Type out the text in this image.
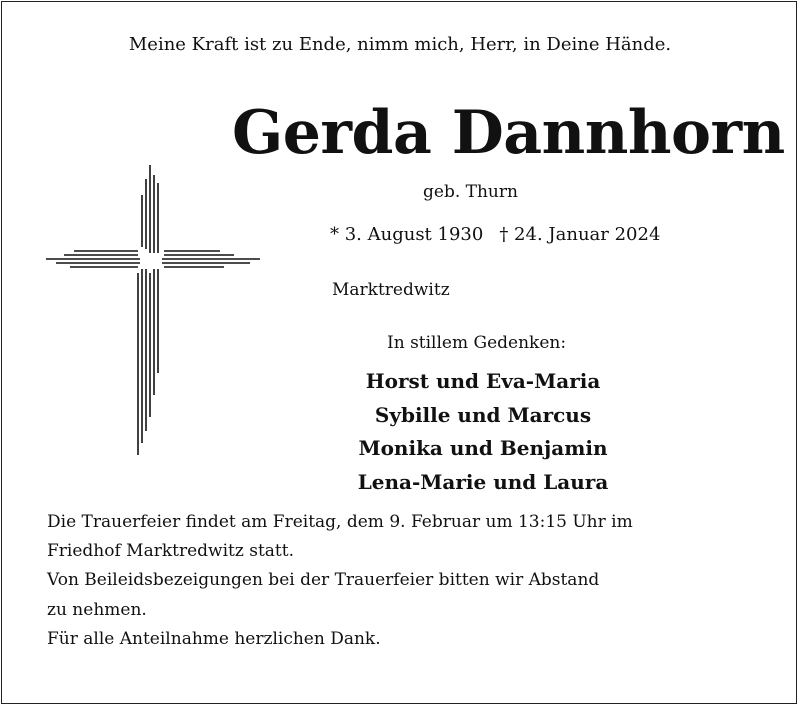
Meine Kraft ist zu Ende, nimm mich, Herr, in Deine Hände.
Gerda Dannhorn
geb. Thurn
* 3. August 1930 † 24. Januar 2024
Marktredwitz
In stillem Gedenken:
Horst und Eva-Maria
Sybille und Marcus
Monika und Benjamin
Lena-Marie und Laura
Die Trauerfeier findet am Freitag, dem 9. Februar um 13:15 Uhr im
Friedhof Marktredwitz statt.
Von Beileidsbezeigungen bei der Trauerfeier bitten wir Abstand
zu nehmen.
Für alle Anteilnahme herzlichen Dank.
